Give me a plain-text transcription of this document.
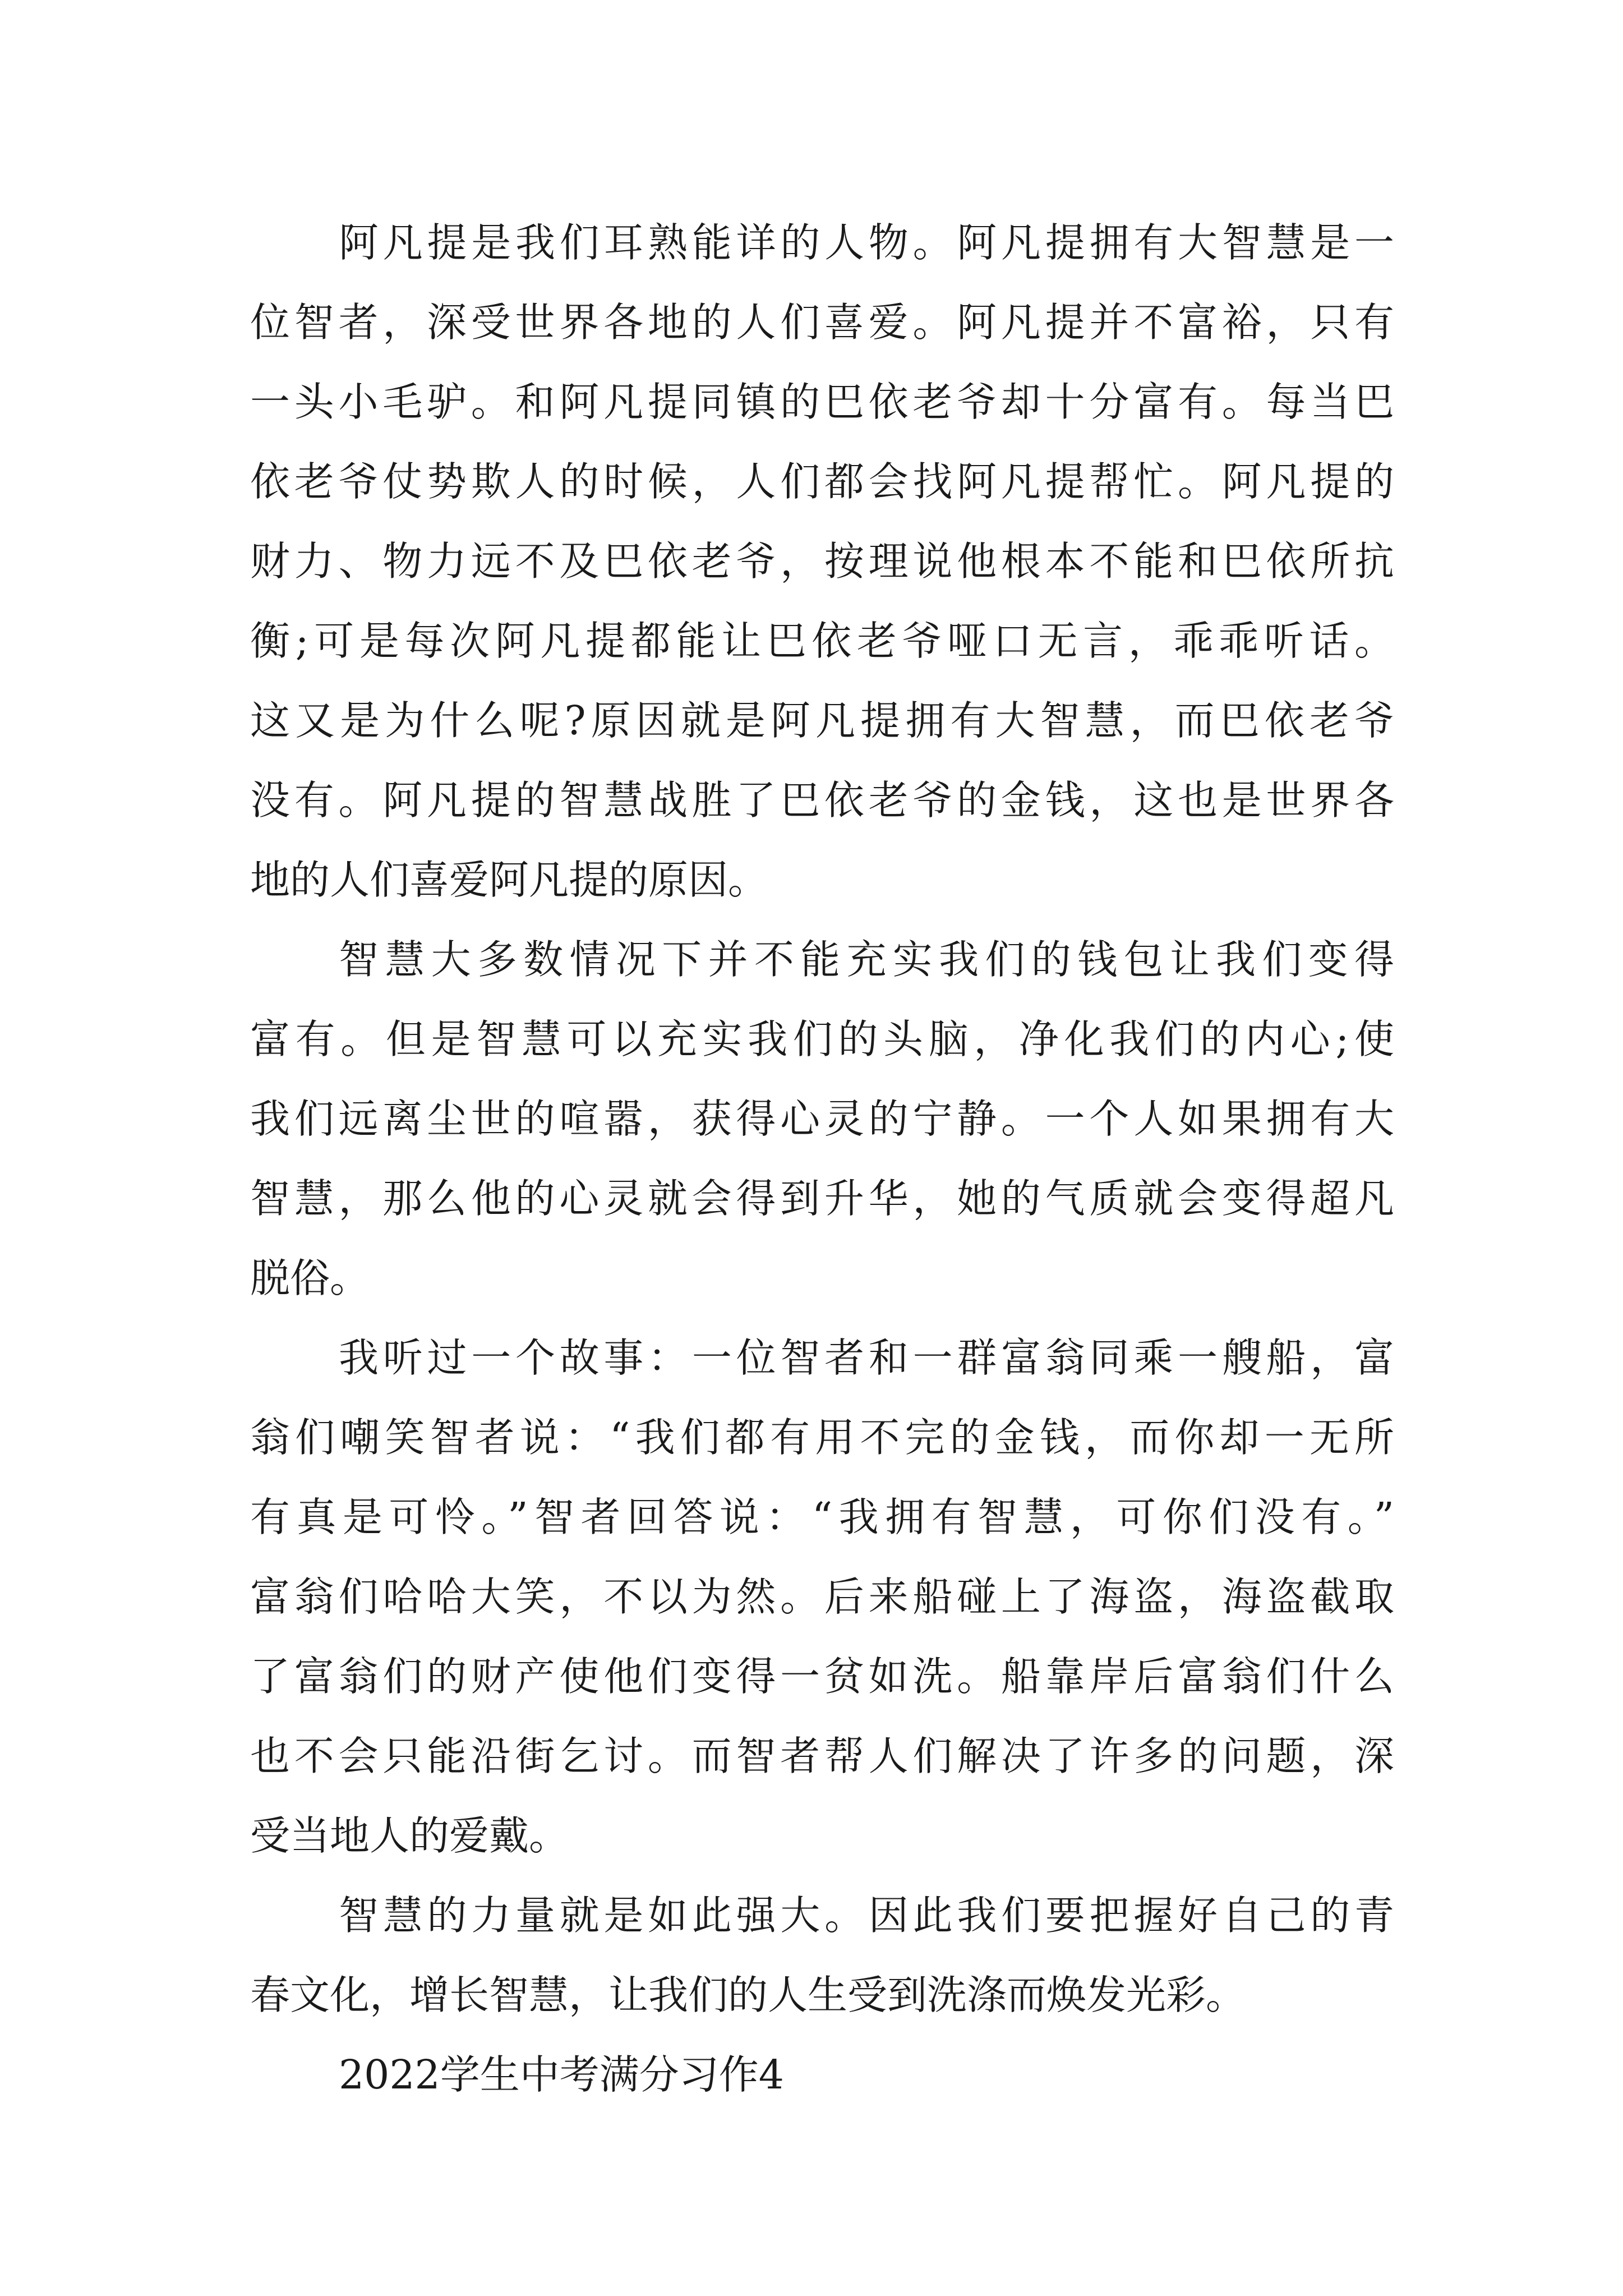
阿凡提是我们耳熟能详的人物。阿凡提拥有大智慧是一

位智者，深受世界各地的人们喜爱。阿凡提并不富裕，只有

一头小毛驴。和阿凡提同镇的巴依老爷却十分富有。每当巴

依老爷仗势欺人的时候，人们都会找阿凡提帮忙。阿凡提的

财力、物力远不及巴依老爷，按理说他根本不能和巴依所抗

衡;可是每次阿凡提都能让巴依老爷哑口无言，乖乖听话。

这又是为什么呢?原因就是阿凡提拥有大智慧，而巴依老爷

没有。阿凡提的智慧战胜了巴依老爷的金钱，这也是世界各

地的人们喜爱阿凡提的原因。

智慧大多数情况下并不能充实我们的钱包让我们变得

富有。但是智慧可以充实我们的头脑，净化我们的内心;使

我们远离尘世的喧嚣，获得心灵的宁静。一个人如果拥有大

智慧，那么他的心灵就会得到升华，她的气质就会变得超凡

脱俗。

我听过一个故事：一位智者和一群富翁同乘一艘船，富

翁们嘲笑智者说：“我们都有用不完的金钱，而你却一无所

有真是可怜。”智者回答说：“我拥有智慧，可你们没有。”

富翁们哈哈大笑，不以为然。后来船碰上了海盗，海盗截取

了富翁们的财产使他们变得一贫如洗。船靠岸后富翁们什么

也不会只能沿街乞讨。而智者帮人们解决了许多的问题，深

受当地人的爱戴。

智慧的力量就是如此强大。因此我们要把握好自己的青

春文化，增长智慧，让我们的人生受到洗涤而焕发光彩。

2022学生中考满分习作4
